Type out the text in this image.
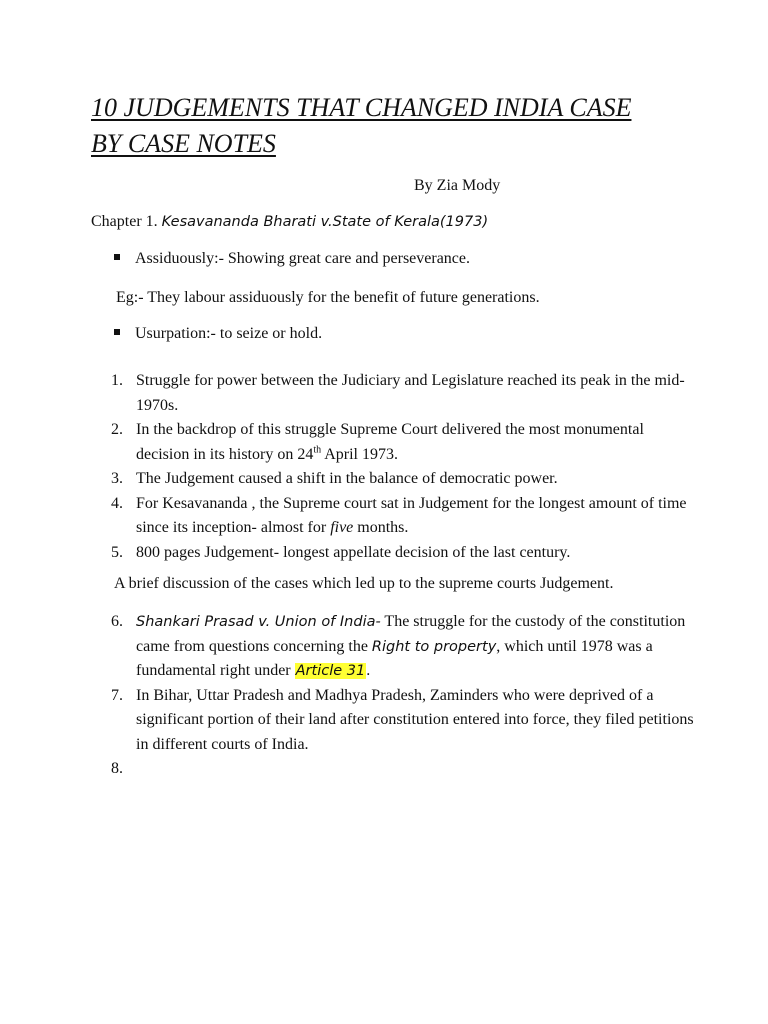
10 JUDGEMENTS THAT CHANGED INDIA CASE
BY CASE NOTES
By Zia Mody
Chapter 1. Kesavananda Bharati v.State of Kerala(1973)
Assiduously:- Showing great care and perseverance.
Eg:- They labour assiduously for the benefit of future generations.
Usurpation:- to seize or hold.
1. Struggle for power between the Judiciary and Legislature reached its peak in the mid-1970s.
2. In the backdrop of this struggle Supreme Court delivered the most monumental decision in its history on 24th April 1973.
3. The Judgement caused a shift in the balance of democratic power.
4. For Kesavananda , the Supreme court sat in Judgement for the longest amount of time since its inception- almost for five months.
5. 800 pages Judgement- longest appellate decision of the last century.
A brief discussion of the cases which led up to the supreme courts Judgement.
6. Shankari Prasad v. Union of India- The struggle for the custody of the constitution came from questions concerning the Right to property, which until 1978 was a fundamental right under Article 31.
7. In Bihar, Uttar Pradesh and Madhya Pradesh, Zaminders who were deprived of a significant portion of their land after constitution entered into force, they filed petitions in different courts of India.
8.
